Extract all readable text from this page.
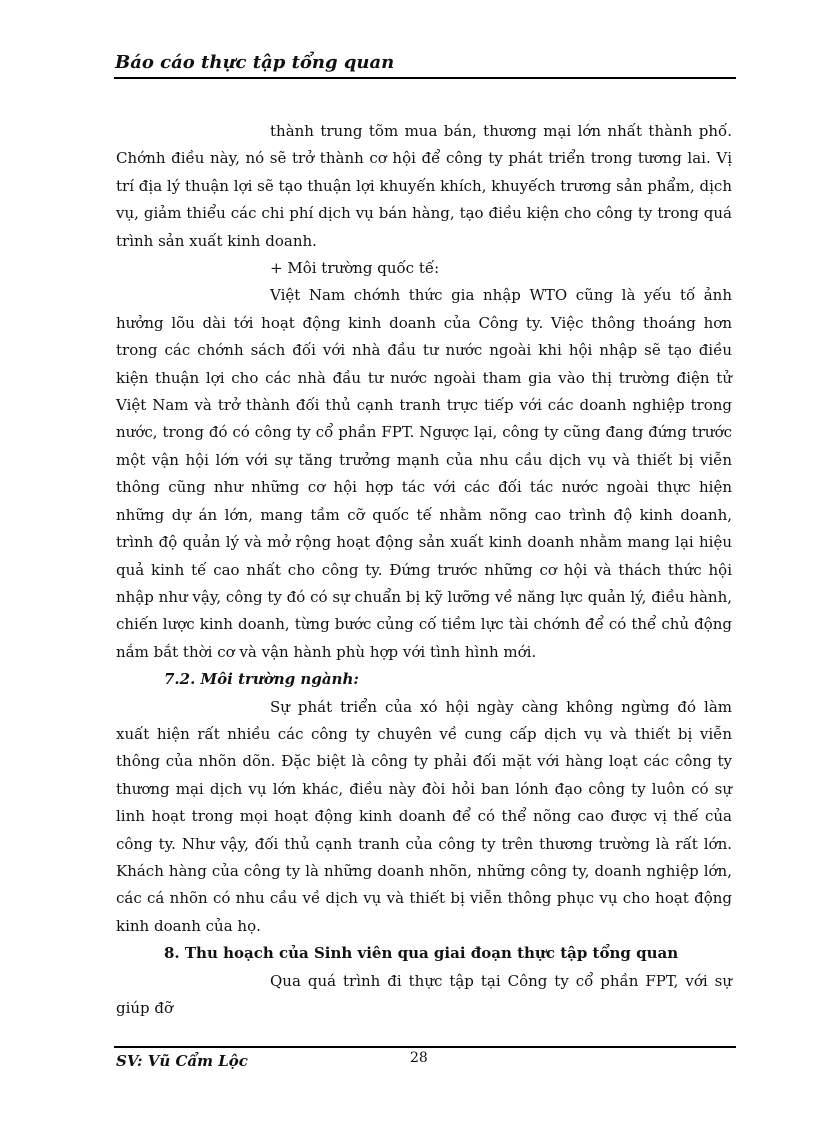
Báo cáo thực tập tổng quan

thành trung tõm mua bán, thương mại lớn nhất thành phố. Chớnh điều này, nó sẽ trở thành cơ hội để công ty phát triển trong tương lai. Vị trí địa lý thuận lợi sẽ tạo thuận lợi khuyến khích, khuyếch trương sản phẩm, dịch vụ, giảm thiểu các chi phí dịch vụ bán hàng, tạo điều kiện cho công ty trong quá trình sản xuất kinh doanh.

+ Môi trường quốc tế:

Việt Nam chớnh thức gia nhập WTO cũng là yếu tố ảnh hưởng lõu dài tới hoạt động kinh doanh của Công ty. Việc thông thoáng hơn trong các chớnh sách đối với nhà đầu tư nước ngoài khi hội nhập sẽ tạo điều kiện thuận lợi cho các nhà đầu tư nước ngoài tham gia vào thị trường điện tử Việt Nam và trở thành đối thủ cạnh tranh trực tiếp với các doanh nghiệp trong nước, trong đó có công ty cổ phần FPT. Ngược lại, công ty cũng đang đứng trước một vận hội lớn với sự tăng trưởng mạnh của nhu cầu dịch vụ và thiết bị viễn thông cũng như những cơ hội hợp tác với các đối tác nước ngoài thực hiện những dự án lớn, mang tầm cỡ quốc tế nhằm nõng cao trình độ kinh doanh, trình độ quản lý và mở rộng hoạt động sản xuất kinh doanh nhằm mang lại hiệu quả kinh tế cao nhất cho công ty. Đứng trước những cơ hội và thách thức hội nhập như vậy, công ty đó có sự chuẩn bị kỹ lưỡng về năng lực quản lý, điều hành, chiến lược kinh doanh, từng bước củng cố tiềm lực tài chớnh để có thể chủ động nắm bắt thời cơ và vận hành phù hợp với tình hình mới.

7.2. Môi trường ngành:

Sự phát triển của xó hội ngày càng không ngừng đó làm xuất hiện rất nhiều các công ty chuyên về cung cấp dịch vụ và thiết bị viễn thông của nhõn dõn. Đặc biệt là công ty phải đối mặt với hàng loạt các công ty thương mại dịch vụ lớn khác, điều này đòi hỏi ban lónh đạo công ty luôn có sự linh hoạt trong mọi hoạt động kinh doanh để có thể nõng cao được vị thế của công ty. Như vậy, đối thủ cạnh tranh của công ty trên thương trường là rất lớn. Khách hàng của công ty là những doanh nhõn, những công ty, doanh nghiệp lớn, các cá nhõn có nhu cầu về dịch vụ và thiết bị viễn thông phục vụ cho hoạt động kinh doanh của họ.

8. Thu hoạch của Sinh viên qua giai đoạn thực tập tổng quan

Qua quá trình đi thực tập tại Công ty cổ phần FPT, với sự giúp đỡ

SV: Vũ Cẩm Lộc	28
